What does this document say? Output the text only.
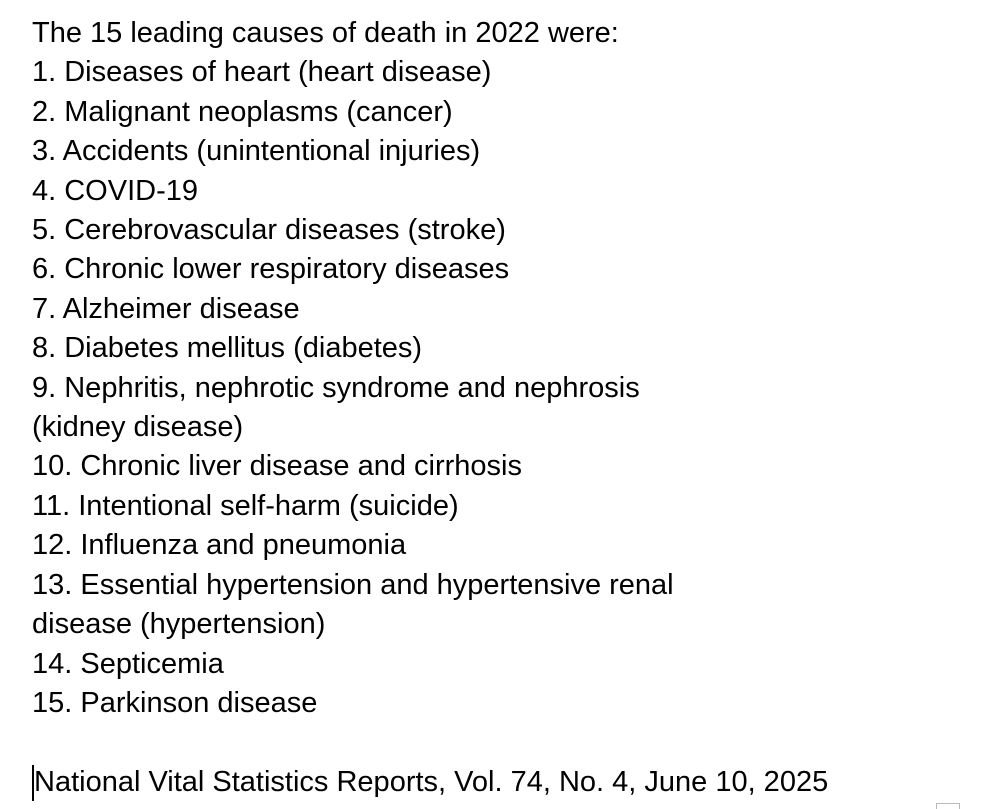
The 15 leading causes of death in 2022 were:
1. Diseases of heart (heart disease)
2. Malignant neoplasms (cancer)
3. Accidents (unintentional injuries)
4. COVID-19
5. Cerebrovascular diseases (stroke)
6. Chronic lower respiratory diseases
7. Alzheimer disease
8. Diabetes mellitus (diabetes)
9. Nephritis, nephrotic syndrome and nephrosis
(kidney disease)
10. Chronic liver disease and cirrhosis
11. Intentional self-harm (suicide)
12. Influenza and pneumonia
13. Essential hypertension and hypertensive renal
disease (hypertension)
14. Septicemia
15. Parkinson disease
National Vital Statistics Reports, Vol. 74, No. 4, June 10, 2025
